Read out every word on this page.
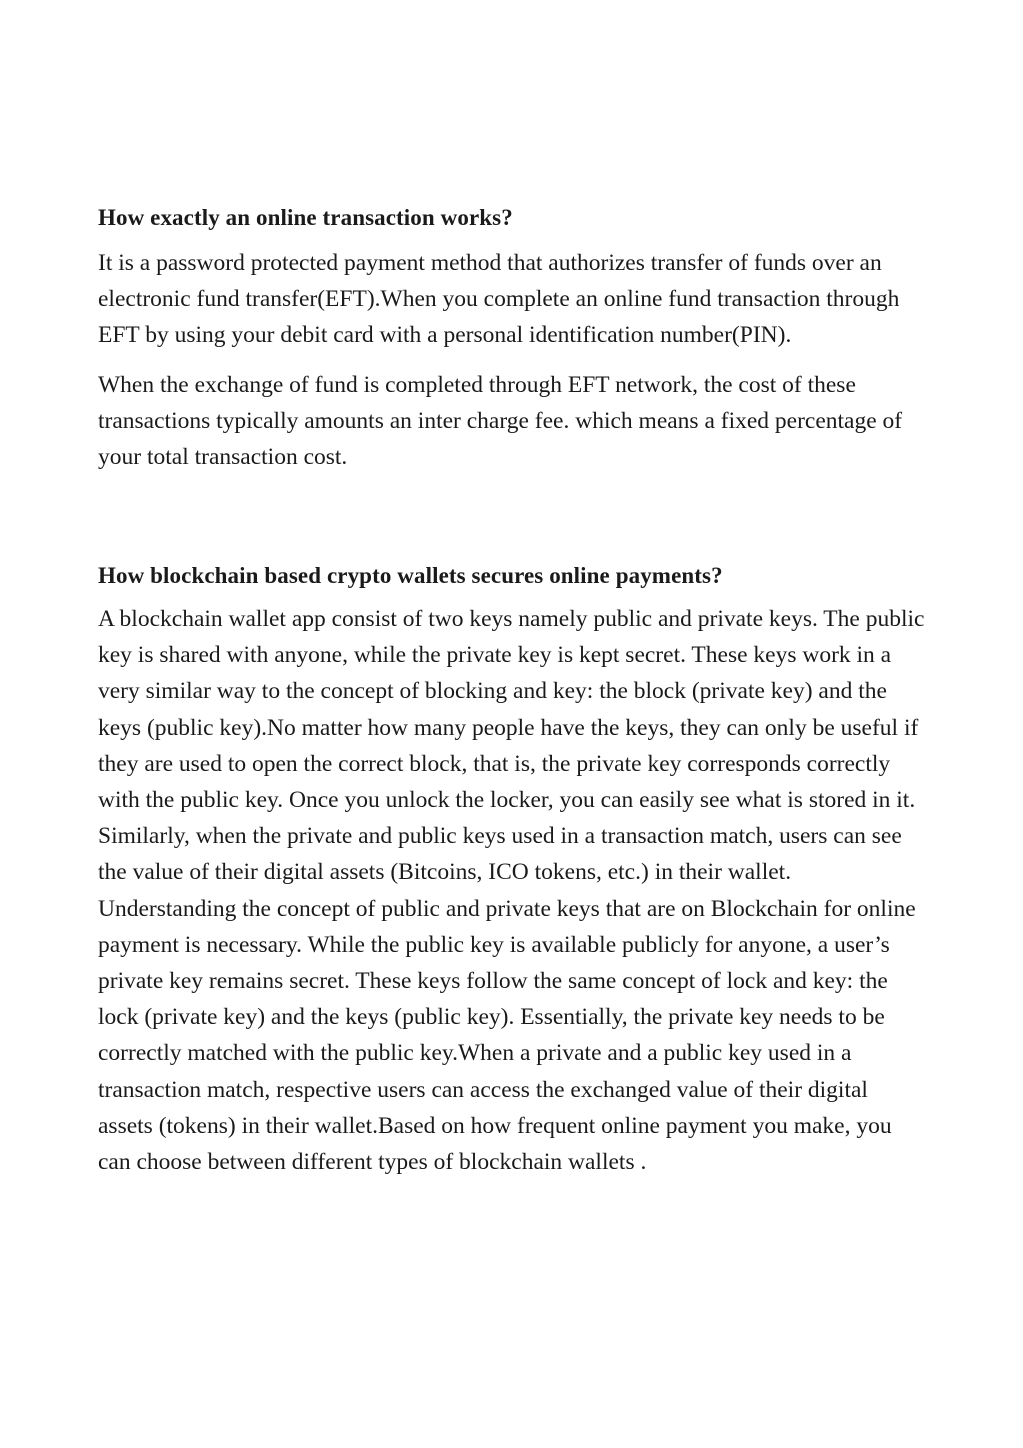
How exactly an online transaction works?

It is a password protected payment method that authorizes transfer of funds over an electronic fund transfer(EFT).When you complete an online fund transaction through EFT by using your debit card with a personal identification number(PIN).

When the exchange of fund is completed through EFT network, the cost of these transactions typically amounts an inter charge fee. which means a fixed percentage of your total transaction cost.

How blockchain based crypto wallets secures online payments?

A blockchain wallet app consist of two keys namely public and private keys. The public key is shared with anyone, while the private key is kept secret. These keys work in a very similar way to the concept of blocking and key: the block (private key) and the keys (public key).No matter how many people have the keys, they can only be useful if they are used to open the correct block, that is, the private key corresponds correctly with the public key. Once you unlock the locker, you can easily see what is stored in it. Similarly, when the private and public keys used in a transaction match, users can see the value of their digital assets (Bitcoins, ICO tokens, etc.) in their wallet.

Understanding the concept of public and private keys that are on Blockchain for online payment is necessary. While the public key is available publicly for anyone, a user’s private key remains secret. These keys follow the same concept of lock and key: the lock (private key) and the keys (public key). Essentially, the private key needs to be correctly matched with the public key.When a private and a public key used in a transaction match, respective users can access the exchanged value of their digital assets (tokens) in their wallet.Based on how frequent online payment you make, you can choose between different types of blockchain wallets .
